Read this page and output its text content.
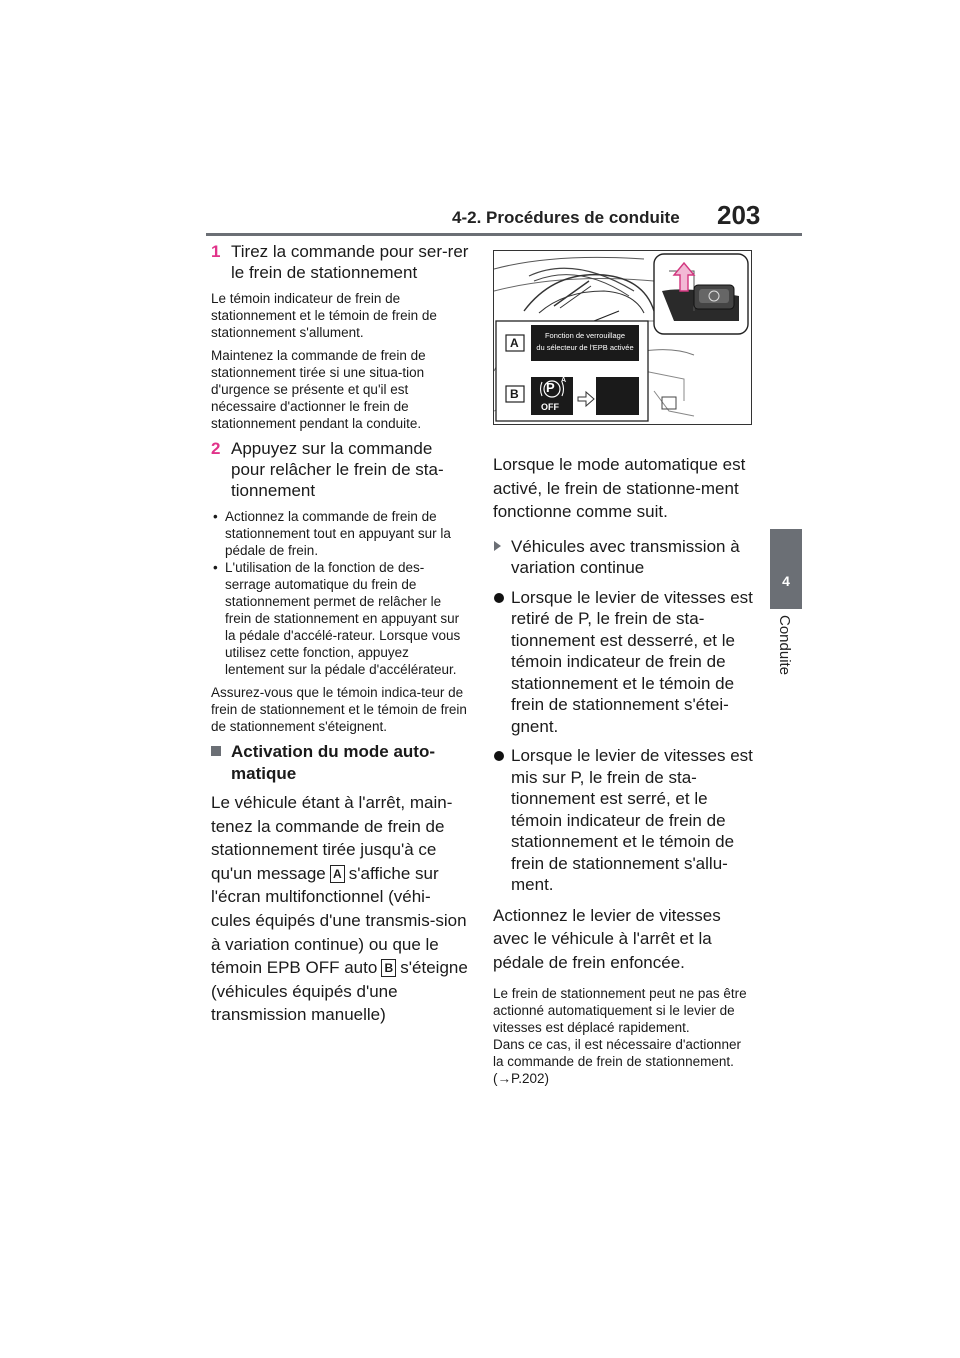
4-2. Procédures de conduite 203
4
Conduite
1 Tirez la commande pour ser-rer le frein de stationnement

Le témoin indicateur de frein de stationnement et le témoin de frein de stationnement s'allument.

Maintenez la commande de frein de stationnement tirée si une situa-tion d'urgence se présente et qu'il est nécessaire d'actionner le frein de stationnement pendant la conduite.

2 Appuyez sur la commande pour relâcher le frein de sta-tionnement
• Actionnez la commande de frein de stationnement tout en appuyant sur la pédale de frein.
• L'utilisation de la fonction de des-serrage automatique du frein de stationnement permet de relâcher le frein de stationnement en appuyant sur la pédale d'accélé-rateur. Lorsque vous utilisez cette fonction, appuyez lentement sur la pédale d'accélérateur.

Assurez-vous que le témoin indica-teur de frein de stationnement et le témoin de frein de stationnement s'éteignent.

Activation du mode auto-matique

Le véhicule étant à l'arrêt, main-tenez la commande de frein de stationnement tirée jusqu'à ce qu'un message A s'affiche sur l'écran multifonctionnel (véhi-cules équipés d'une transmis-sion à variation continue) ou que le témoin EPB OFF auto B s'éteigne (véhicules équipés d'une transmission manuelle)

A
B
Fonction de verrouillage
du sélecteur de l'EPB activée
P A
OFF

Lorsque le mode automatique est activé, le frein de stationne-ment fonctionne comme suit.

Véhicules avec transmission à variation continue
Lorsque le levier de vitesses est retiré de P, le frein de sta-tionnement est desserré, et le témoin indicateur de frein de stationnement et le témoin de frein de stationnement s'étei-gnent.
Lorsque le levier de vitesses est mis sur P, le frein de sta-tionnement est serré, et le témoin indicateur de frein de stationnement et le témoin de frein de stationnement s'allu-ment.

Actionnez le levier de vitesses avec le véhicule à l'arrêt et la pédale de frein enfoncée.

Le frein de stationnement peut ne pas être actionné automatiquement si le levier de vitesses est déplacé rapidement.
Dans ce cas, il est nécessaire d'actionner la commande de frein de stationnement. (→P.202)
